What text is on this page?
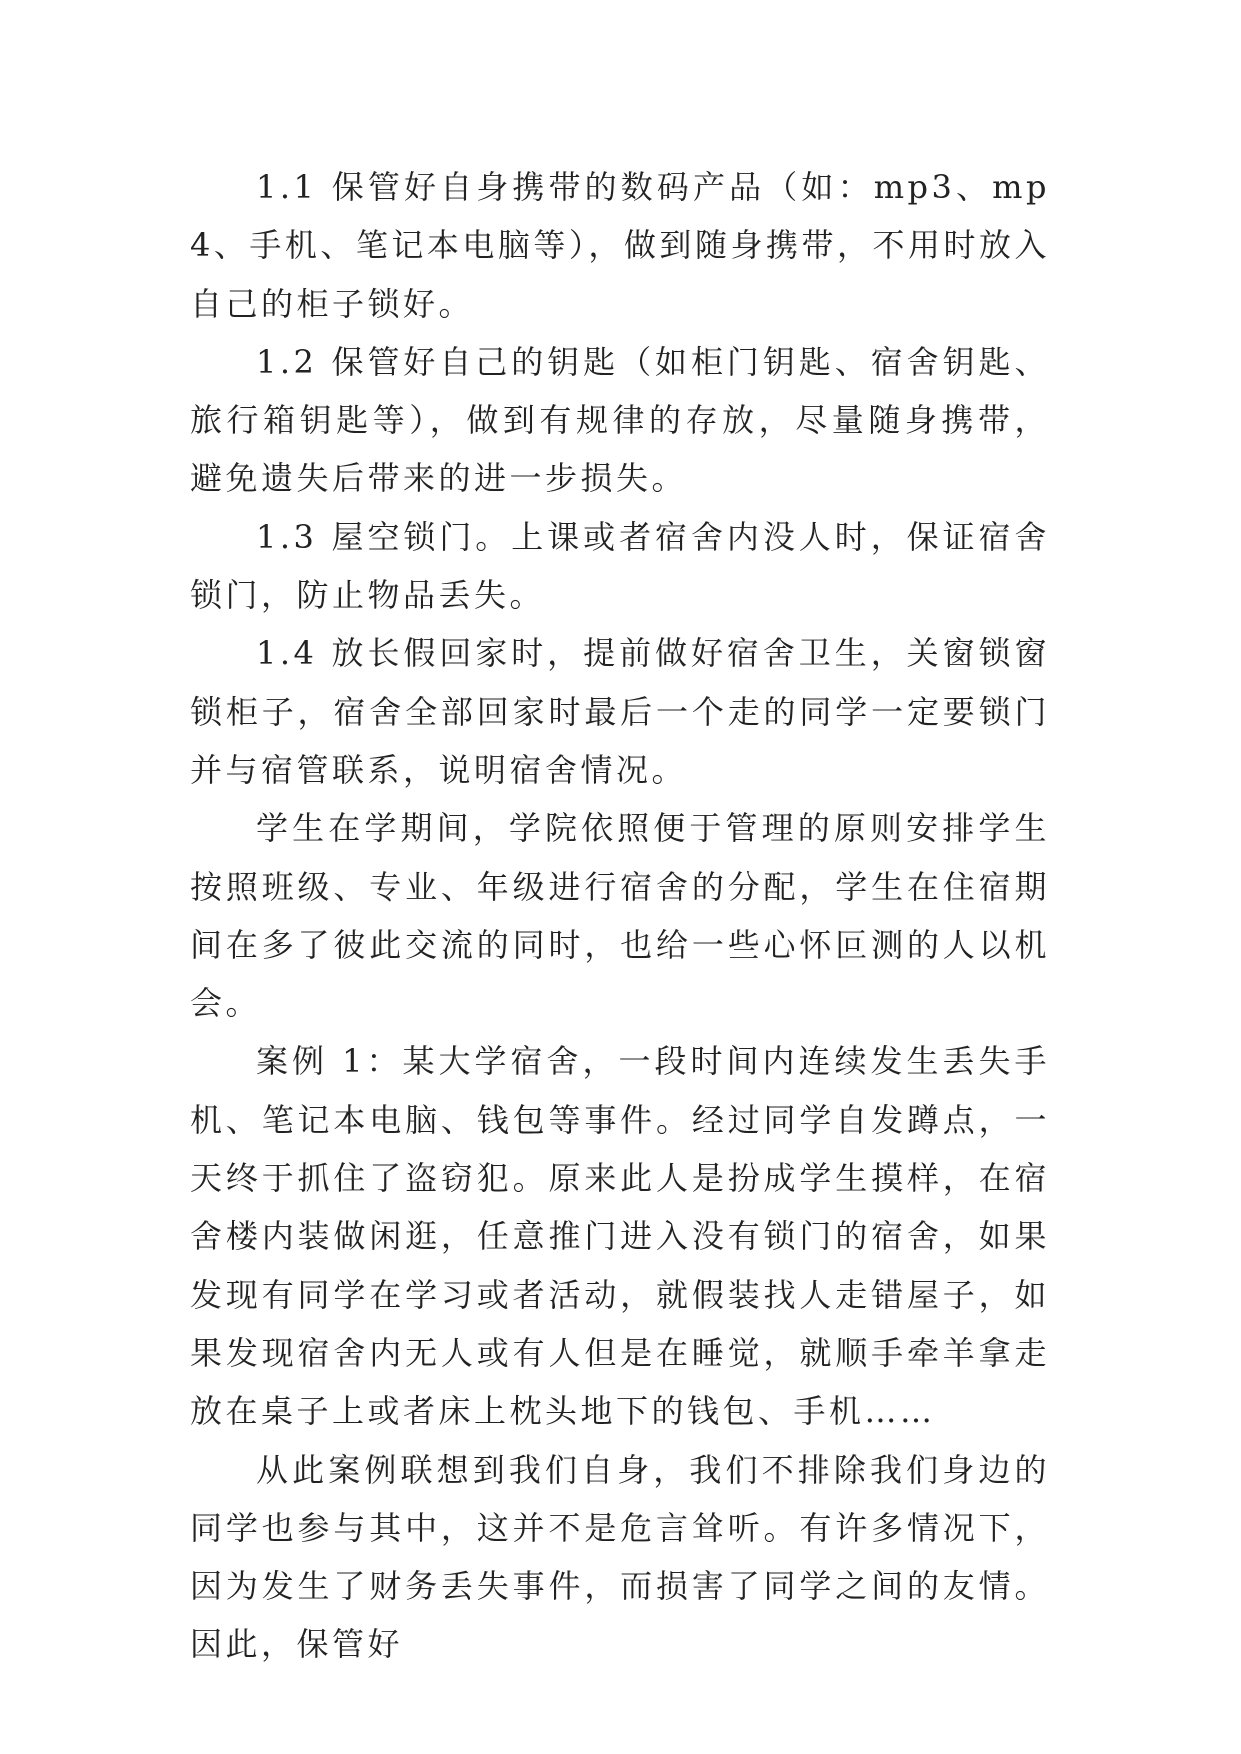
1.1 保管好自身携带的数码产品（如：mp3、mp4、手机、笔记本电脑等），做到随身携带，不用时放入自己的柜子锁好。

1.2 保管好自己的钥匙（如柜门钥匙、宿舍钥匙、旅行箱钥匙等），做到有规律的存放，尽量随身携带，避免遗失后带来的进一步损失。

1.3 屋空锁门。上课或者宿舍内没人时，保证宿舍锁门，防止物品丢失。

1.4 放长假回家时，提前做好宿舍卫生，关窗锁窗锁柜子，宿舍全部回家时最后一个走的同学一定要锁门并与宿管联系，说明宿舍情况。

学生在学期间，学院依照便于管理的原则安排学生按照班级、专业、年级进行宿舍的分配，学生在住宿期间在多了彼此交流的同时，也给一些心怀叵测的人以机会。

案例 1：某大学宿舍，一段时间内连续发生丢失手机、笔记本电脑、钱包等事件。经过同学自发蹲点，一天终于抓住了盗窃犯。原来此人是扮成学生摸样，在宿舍楼内装做闲逛，任意推门进入没有锁门的宿舍，如果发现有同学在学习或者活动，就假装找人走错屋子，如果发现宿舍内无人或有人但是在睡觉，就顺手牵羊拿走放在桌子上或者床上枕头地下的钱包、手机……

从此案例联想到我们自身，我们不排除我们身边的同学也参与其中，这并不是危言耸听。有许多情况下，因为发生了财务丢失事件，而损害了同学之间的友情。因此，保管好
